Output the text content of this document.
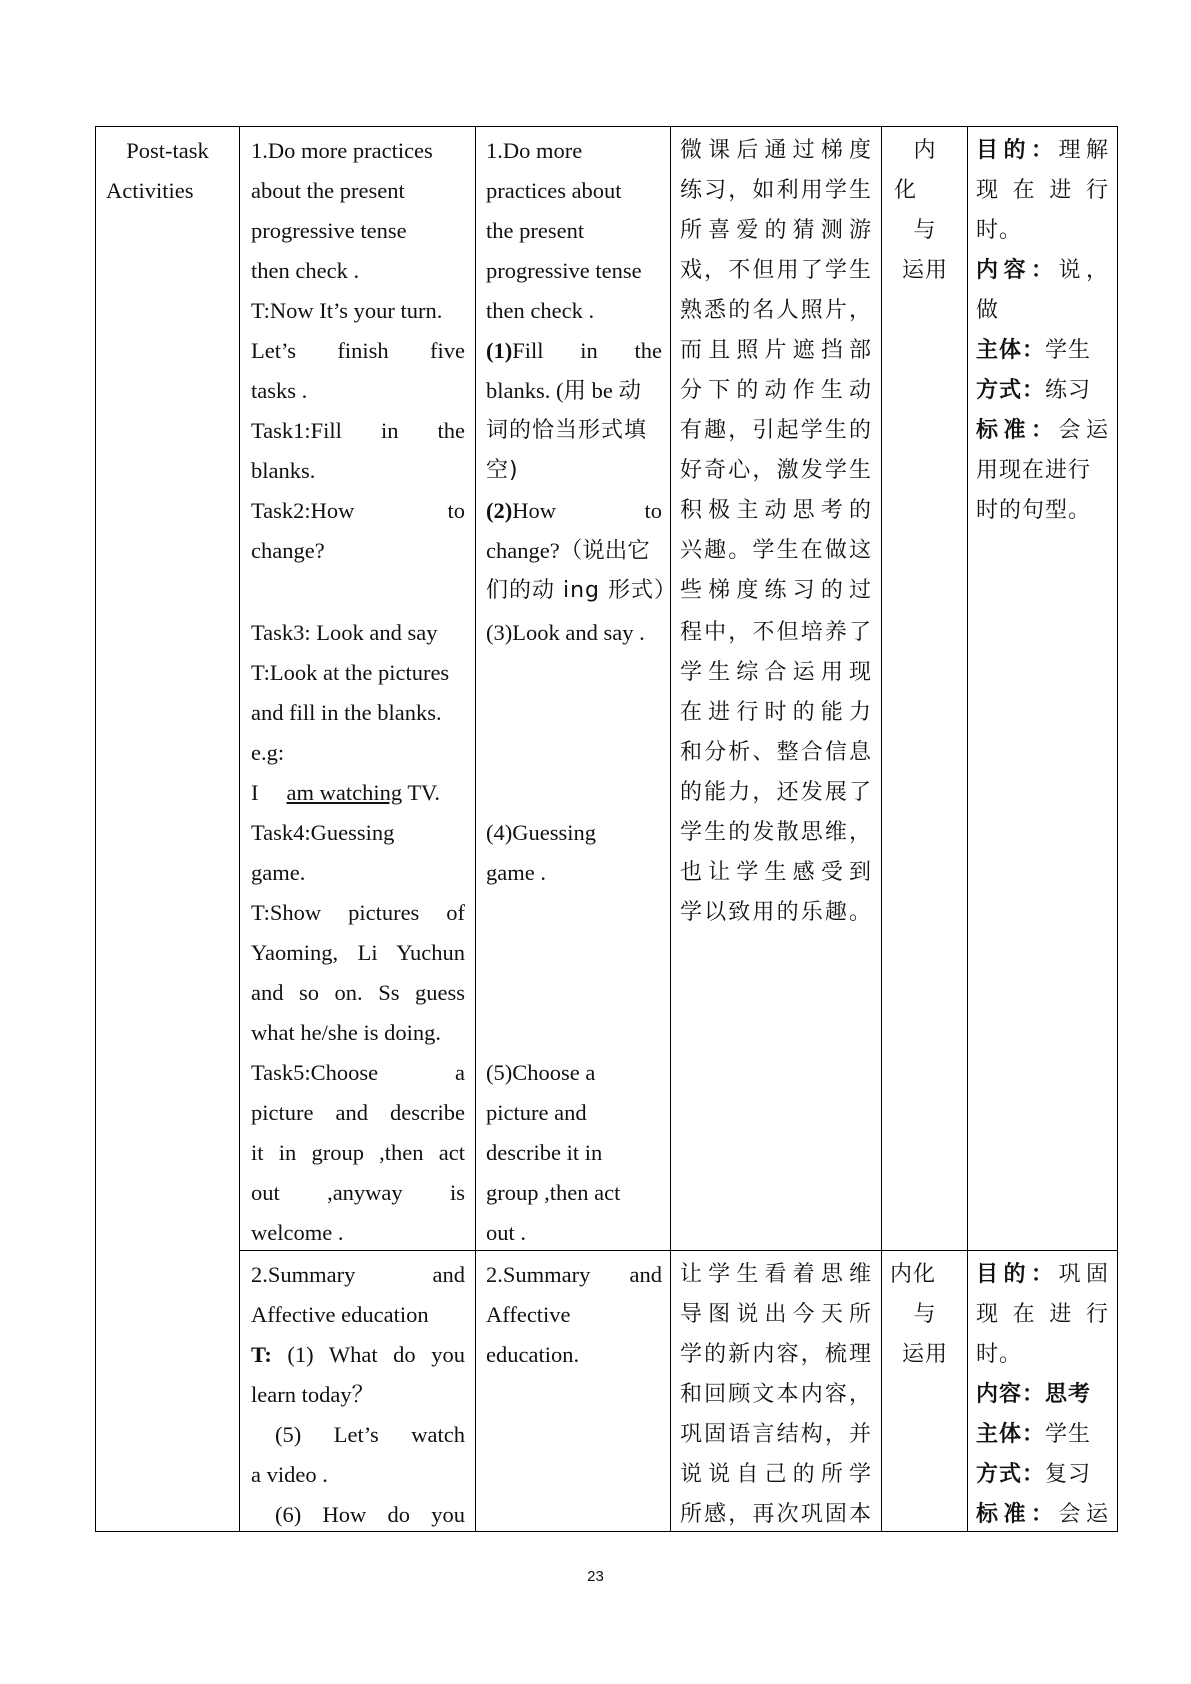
Post-task
Activities
1.Do more practices
about the present
progressive tense
then check .
T:Now It’s your turn.
Let’s finish five
tasks .
Task1:Fill in the
blanks.
Task2:How to
change?
Task3: Look and say
T:Look at the pictures
and fill in the blanks.
e.g:
I am watching TV.
Task4:Guessing
game.
T:Show pictures of
Yaoming, Li Yuchun
and so on. Ss guess
what he/she is doing.
Task5:Choose a
picture and describe
it in group ,then act
out ,anyway is
welcome .
1.Do more
practices about
the present
progressive tense
then check .
(1)Fill in the
blanks. (用 be 动
词的恰当形式填
空)
(2)How to
change?（说出它
们的动 ing 形式）
(3)Look and say .
(4)Guessing
game .
(5)Choose a
picture and
describe it in
group ,then act
out .
微课后通过梯度
练习，如利用学生
所喜爱的猜测游
戏，不但用了学生
熟悉的名人照片，
而且照片遮挡部
分下的动作生动
有趣，引起学生的
好奇心，激发学生
积极主动思考的
兴趣。学生在做这
些梯度练习的过
程中，不但培养了
学生综合运用现
在进行时的能力
和分析、整合信息
的能力，还发展了
学生的发散思维，
也让学生感受到
学以致用的乐趣。
内
化
与
运用
目的：理解
现在进行
时。
内容：说，
做
主体：学生
方式：练习
标准：会运
用现在进行
时的句型。
2.Summary and
Affective education
T: (1) What do you
learn today？
(5) Let’s watch
a video .
(6) How do you
2.Summary and
Affective
education.
让学生看着思维
导图说出今天所
学的新内容，梳理
和回顾文本内容，
巩固语言结构，并
说说自己的所学
所感，再次巩固本
内化
与
运用
目的：巩固
现在进行
时。
内容：思考
主体：学生
方式：复习
标准：会运
23
